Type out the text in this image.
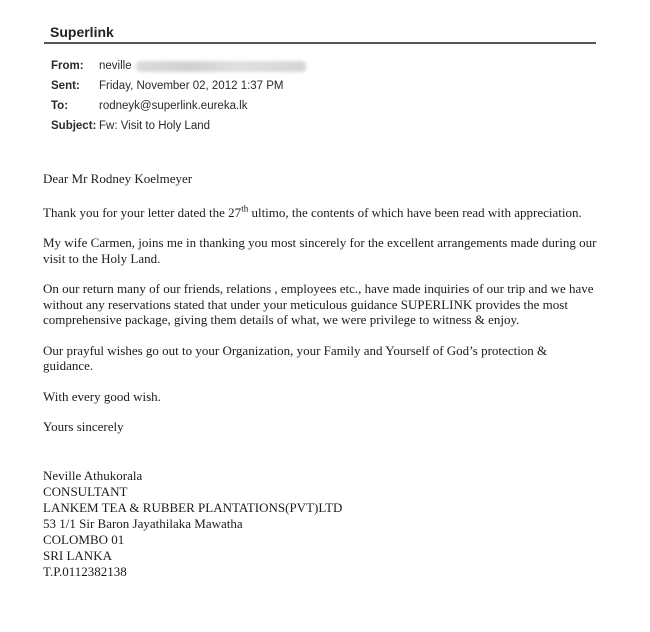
Superlink
From:	neville
Sent:	Friday, November 02, 2012 1:37 PM
To:	rodneyk@superlink.eureka.lk
Subject: Fw: Visit to Holy Land

Dear Mr Rodney Koelmeyer

Thank you for your letter dated the 27th ultimo, the contents of which have been read with appreciation.

My wife Carmen, joins me in thanking you most sincerely for the excellent arrangements made during our visit to the Holy Land.

On our return many of our friends, relations , employees etc., have made inquiries of our trip and we have without any reservations stated that under your meticulous guidance SUPERLINK provides the most comprehensive package, giving them details of what, we were privilege to witness & enjoy.

Our prayful wishes go out to your Organization, your Family and Yourself of God’s protection & guidance.

With every good wish.

Yours sincerely

Neville Athukorala
CONSULTANT
LANKEM TEA & RUBBER PLANTATIONS(PVT)LTD
53 1/1 Sir Baron Jayathilaka Mawatha
COLOMBO 01
SRI LANKA
T.P.0112382138
